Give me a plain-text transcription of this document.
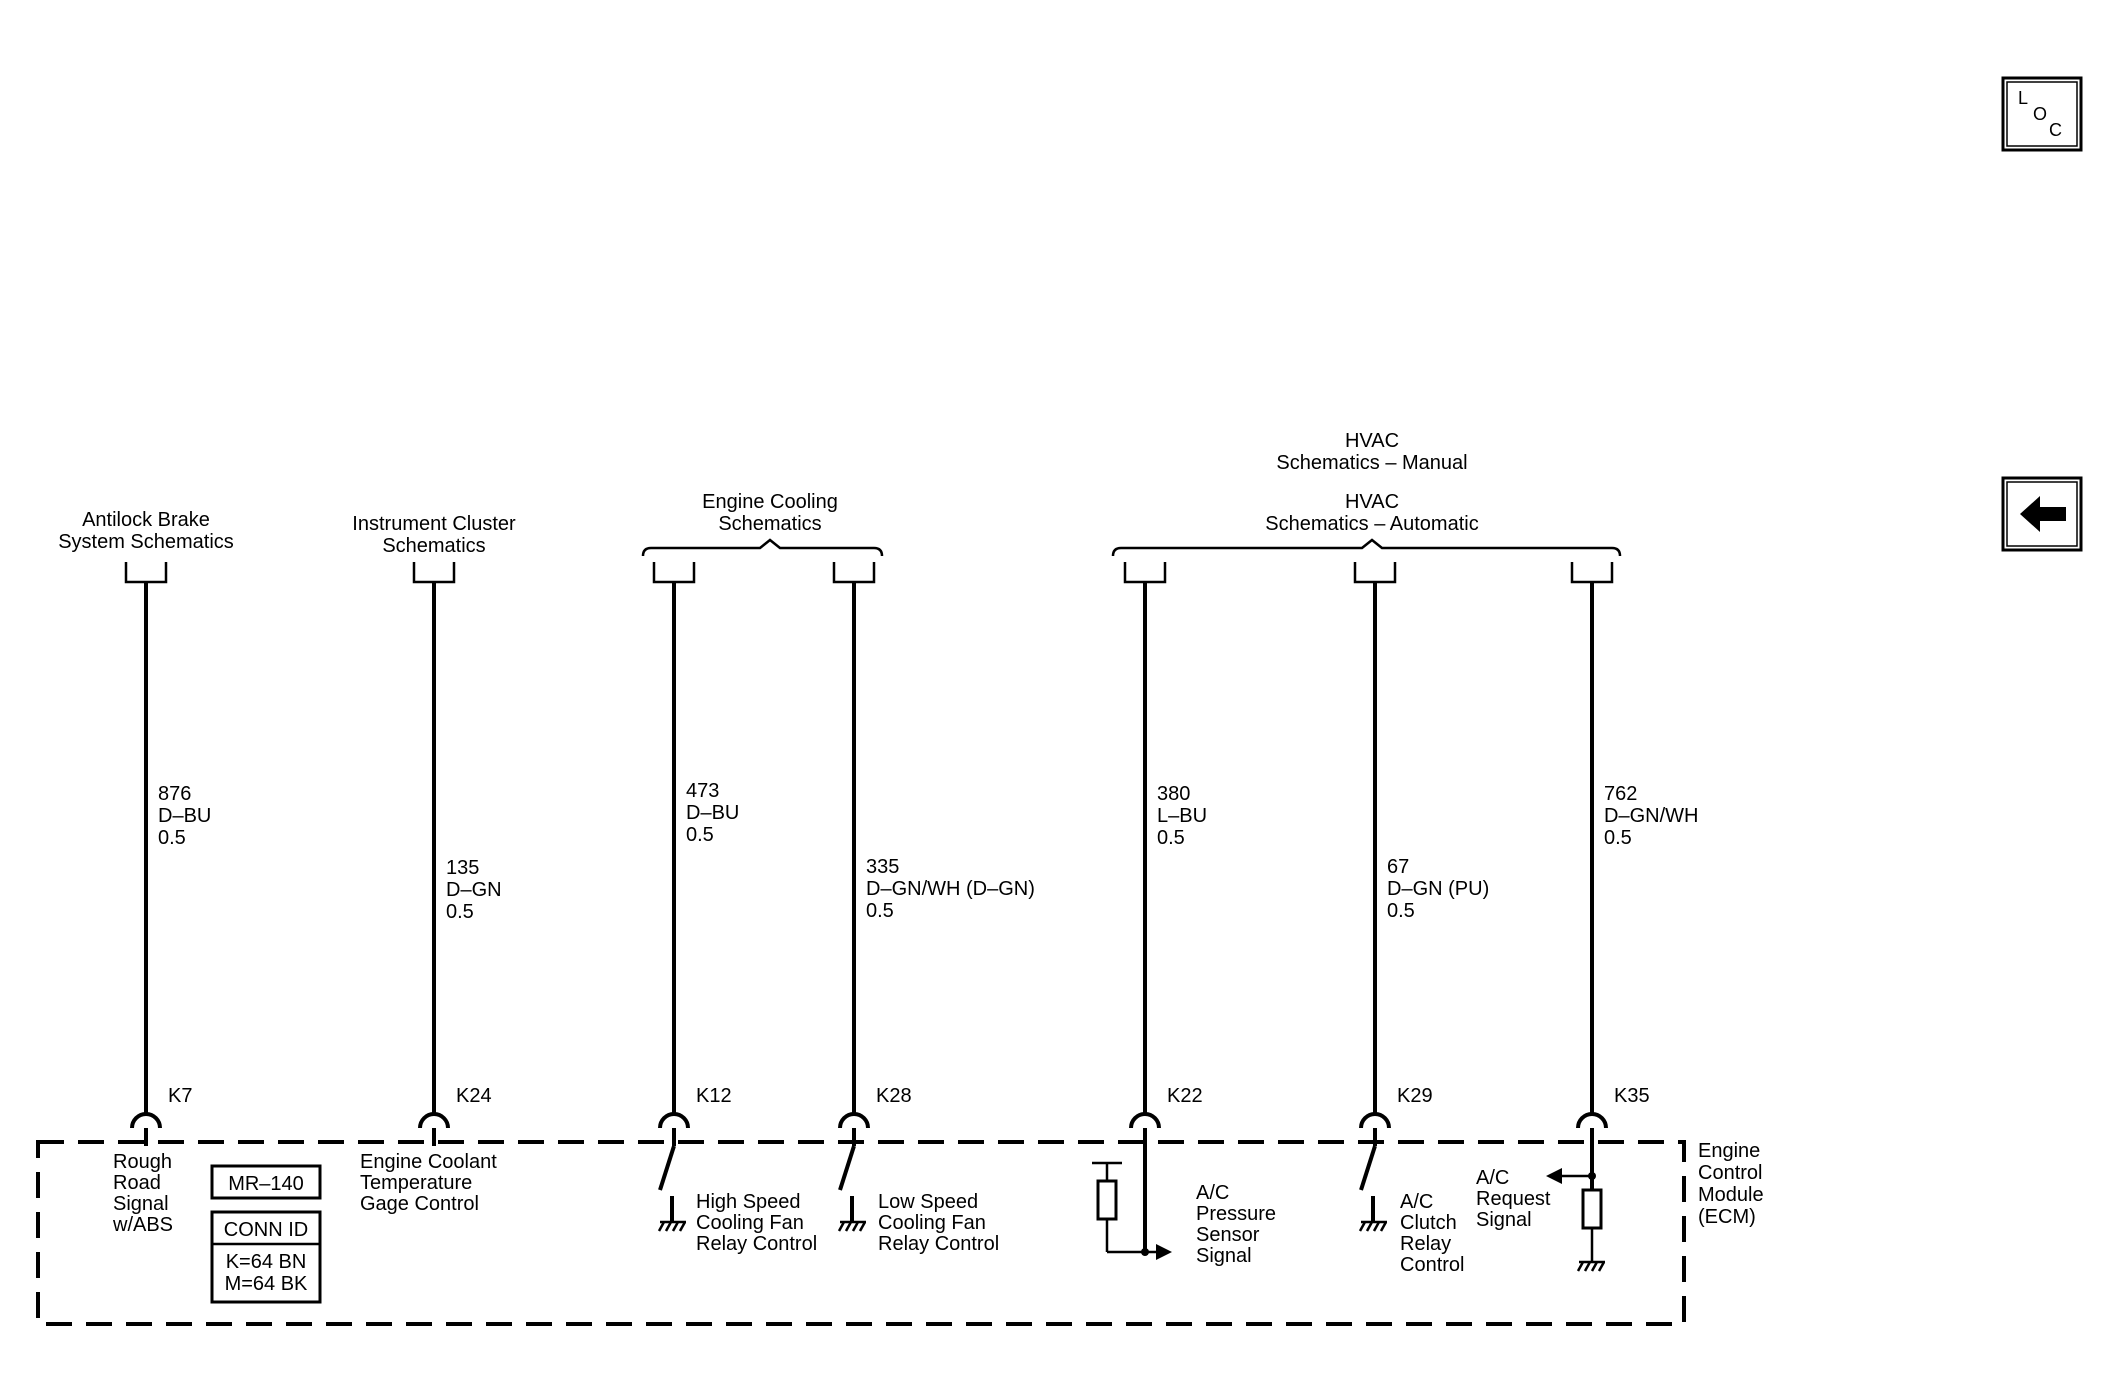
L
O
C
Antilock Brake
System Schematics
Instrument Cluster
Schematics
Engine Cooling
Schematics
HVAC
Schematics – Manual
HVAC
Schematics – Automatic
876
D–BU
0.5
135
D–GN
0.5
473
D–BU
0.5
335
D–GN/WH (D–GN)
0.5
380
L–BU
0.5
67
D–GN (PU)
0.5
762
D–GN/WH
0.5
K7	K24	K12	K28	K22	K29	K35
Engine
Control
Module
(ECM)
Rough
Road
Signal
w/ABS
Engine Coolant
Temperature
Gage Control	High Speed
Cooling Fan
Relay Control
Low Speed
Cooling Fan
Relay Control
A/C
Pressure
Sensor
Signal
A/C
Clutch
Relay
Control
A/C
Request
Signal
MR–140
CONN ID
K=64 BN
M=64 BK
